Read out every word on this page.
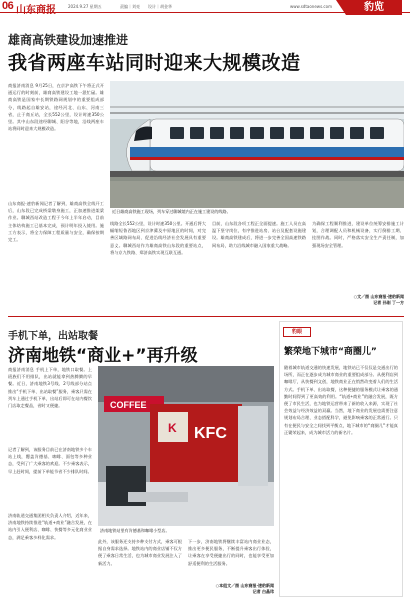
06 山东商报	2024.9.27 星期五	责编｜刘亮 设计｜胡金华	www.sdtaonews.com	豹览
雄商高铁建设加速推进
我省两座车站同时迎来大规模改造
商报济南消息 9月25日，在京沪高铁下午将正式开通运行的时刻前，雄商高铁建设工地一派忙碌。雄商高铁是国家中长期铁路网规划中的重要组成部分，线路起自雄安站，途经河北、山东、河南三省，止于商丘站，全长552公里，设计时速350公里。其中山东段途经聊城、阳谷等地，沿线两座车站将同时迎来大规模改造。
山东商报·速豹新闻记者了解到，雄商高铁全线开工后，山东段已完成桥梁墩身施工，正加速推进架梁作业。聊城西站改造工程于今年上半年启动，目前主体结构施工已基本完成，预计明年投入使用。施工方表示，将全力保障工程质量与安全，确保按期完工。
近日雄商高铁施工现场，列车穿过聊城境内正在施工建设的线路。
线路全长552公里，设计时速350公里。开通后将大幅缩短鲁西地区到京津冀及中原地区的时间，对完善区域路网布局、促进沿线经济社会发展具有重要意义。聊城西站作为雄商高铁山东段的重要站点，将与京九铁路、郑济高铁实现互联互通。
目前，山东段各项工程正全面提速。施工人员在高温下坚守岗位，有序推进站房、站台及配套设施建设。雄商高铁建成后，将进一步完善全国高速铁路网布局，助力沿线城市融入国家重大战略。
为确保工程顺利推进，建设单位统筹安排施工计划，合理调配人员和机械设备，实行倒排工期、挂图作战。同时，严格落实安全生产责任制，加强现场安全管理。
○文／图 山东商报·速豹新闻
记者 孙刚 丁一方
手机下单，出站取餐
济南地铁“商业+”再升级
商报济南消息 手机上下单，地铁口取餐。上班族们不用排队，出站就能拿到热腾腾的早餐。近日，济南地铁3号线、2号线部分站点推出“手机下单、出站取餐”服务，乘客只需在列车上通过手机下单，出站后即可在站内餐饮门店取走餐品，省时又便捷。
记者了解到，该服务目前已在济南地铁多个车站上线，覆盖肯德基、咖啡、面包等多种业态，受到了广大乘客的欢迎。不少乘客表示，早上赶时间，提前下单能节省不少排队时间。
济南轨道交通集团相关负责人介绍，近年来，济南地铁持续推进“轨道+商业”融合发展，在站内引入便利店、咖啡、快餐等多元化商业业态，满足乘客多样化需求。
COFFEE
K KFC
济南地铁站里有肯德基和咖啡小型店。
此外，该服务还支持多种支付方式，乘客可根据自身需求选择。地铁站内的商业店铺不仅方便了乘客日常生活，也为城市商业发展注入了新活力。
下一步，济南地铁将继续丰富站内商业业态，推出更多便民服务，不断提升乘客出行体验，让乘客在享受便捷出行的同时，也能享受更加舒适便利的生活服务。
○本组文／图 山东商报·速豹新闻
记者 白晶玮
豹眼
繁荣地下城市“商圈儿”
随着城市轨道交通的快速发展，地铁站已不仅仅是交通出行的场所，而正在逐步成为城市商业的重要组成部分。从便利店到咖啡厅，从快餐到文创，地铁商业正在悄然改变着人们的生活方式。手机下单、出站取餐，这种便捷的服务模式让乘客的通勤时间得到了更高效的利用。“轨道+商业”的融合发展，既方便了市民生活，也为地铁运营带来了新的收入来源，实现了社会效益与经济效益的双赢。当然，地下商业的发展也需要注意规划布局合理、业态搭配科学，避免影响乘客的正常通行。只有在便民与安全之间找到平衡点，地下城市的“商圈儿”才能真正繁荣起来，成为城市活力的新名片。
